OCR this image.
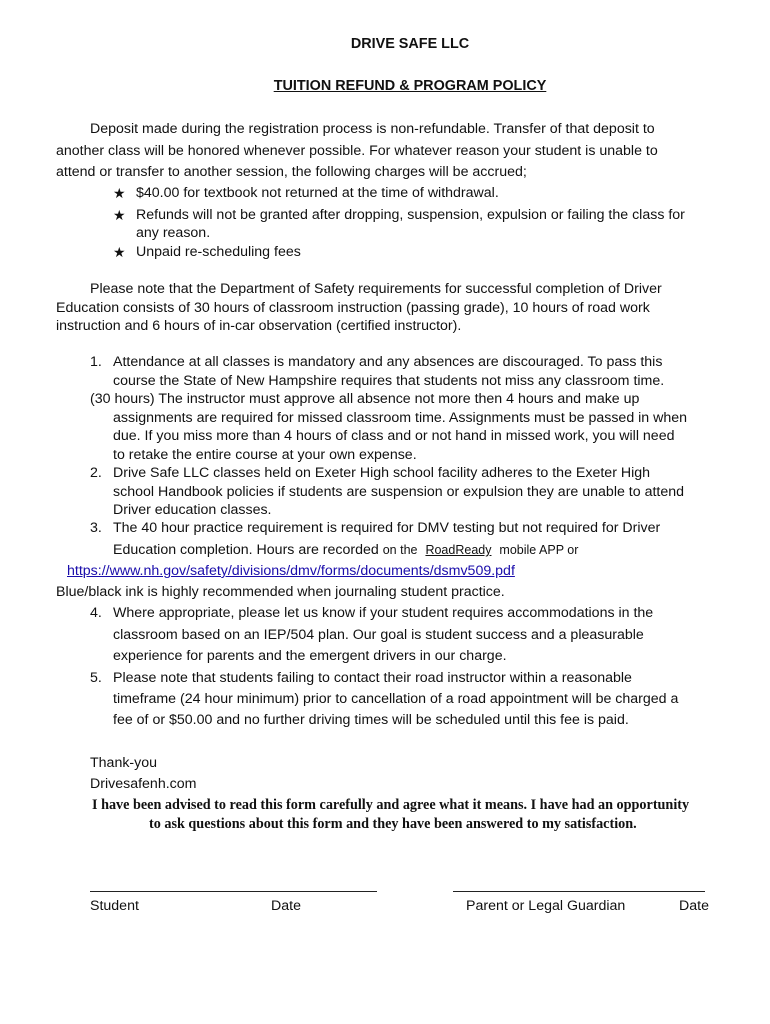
DRIVE SAFE LLC
TUITION REFUND & PROGRAM POLICY
Deposit made during the registration process is non-refundable. Transfer of that deposit to
another class will be honored whenever possible. For whatever reason your student is unable to
attend or transfer to another session, the following charges will be accrued;
★ $40.00 for textbook not returned at the time of withdrawal.
★ Refunds will not be granted after dropping, suspension, expulsion or failing the class for
any reason.
★ Unpaid re-scheduling fees
Please note that the Department of Safety requirements for successful completion of Driver
Education consists of 30 hours of classroom instruction (passing grade), 10 hours of road work
instruction and 6 hours of in-car observation (certified instructor).
1. Attendance at all classes is mandatory and any absences are discouraged. To pass this
course the State of New Hampshire requires that students not miss any classroom time.
(30 hours) The instructor must approve all absence not more then 4 hours and make up
assignments are required for missed classroom time. Assignments must be passed in when
due. If you miss more than 4 hours of class and or not hand in missed work, you will need
to retake the entire course at your own expense.
2. Drive Safe LLC classes held on Exeter High school facility adheres to the Exeter High
school Handbook policies if students are suspension or expulsion they are unable to attend
Driver education classes.
3. The 40 hour practice requirement is required for DMV testing but not required for Driver
Education completion. Hours are recorded on the RoadReady mobile APP or
https://www.nh.gov/safety/divisions/dmv/forms/documents/dsmv509.pdf
Blue/black ink is highly recommended when journaling student practice.
4. Where appropriate, please let us know if your student requires accommodations in the
classroom based on an IEP/504 plan. Our goal is student success and a pleasurable
experience for parents and the emergent drivers in our charge.
5. Please note that students failing to contact their road instructor within a reasonable
timeframe (24 hour minimum) prior to cancellation of a road appointment will be charged a
fee of or $50.00 and no further driving times will be scheduled until this fee is paid.
Thank-you
Drivesafenh.com
I have been advised to read this form carefully and agree what it means. I have had an opportunity
to ask questions about this form and they have been answered to my satisfaction.
Student	Date	Parent or Legal Guardian	Date
